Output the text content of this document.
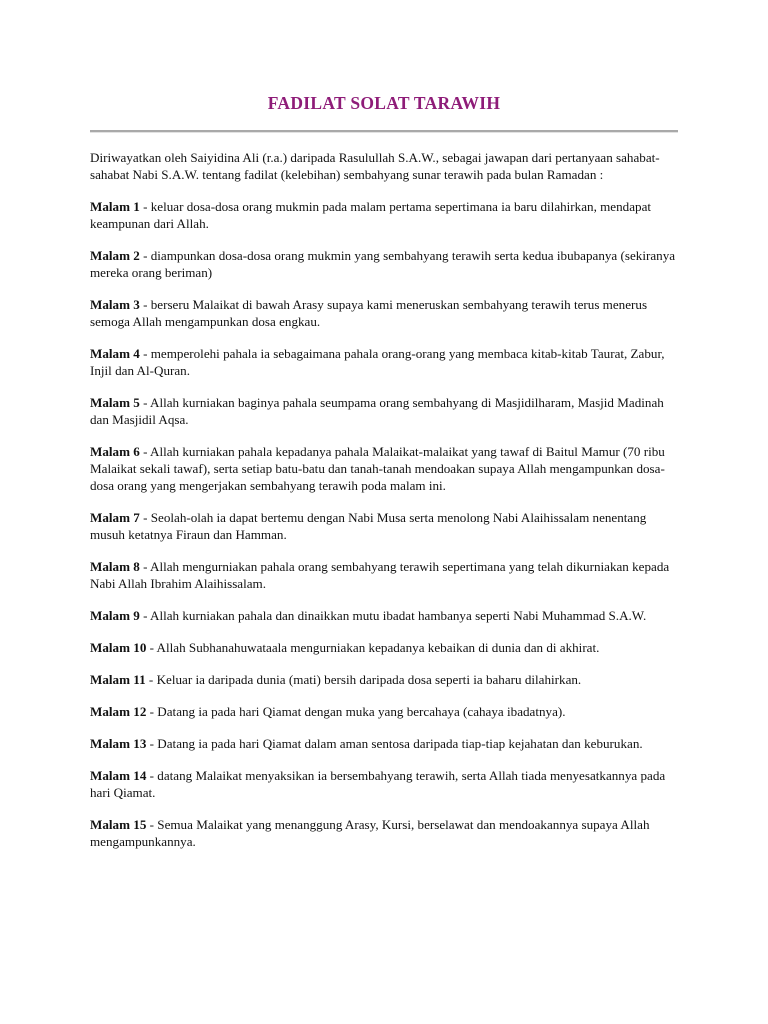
FADILAT SOLAT TARAWIH

Diriwayatkan oleh Saiyidina Ali (r.a.) daripada Rasulullah S.A.W., sebagai jawapan dari pertanyaan sahabat-sahabat Nabi S.A.W. tentang fadilat (kelebihan) sembahyang sunar terawih pada bulan Ramadan :

Malam 1 - keluar dosa-dosa orang mukmin pada malam pertama sepertimana ia baru dilahirkan, mendapat keampunan dari Allah.

Malam 2 - diampunkan dosa-dosa orang mukmin yang sembahyang terawih serta kedua ibubapanya (sekiranya mereka orang beriman)

Malam 3 - berseru Malaikat di bawah Arasy supaya kami meneruskan sembahyang terawih terus menerus semoga Allah mengampunkan dosa engkau.

Malam 4 - memperolehi pahala ia sebagaimana pahala orang-orang yang membaca kitab-kitab Taurat, Zabur, Injil dan Al-Quran.

Malam 5 - Allah kurniakan baginya pahala seumpama orang sembahyang di Masjidilharam, Masjid Madinah dan Masjidil Aqsa.

Malam 6 - Allah kurniakan pahala kepadanya pahala Malaikat-malaikat yang tawaf di Baitul Mamur (70 ribu Malaikat sekali tawaf), serta setiap batu-batu dan tanah-tanah mendoakan supaya Allah mengampunkan dosa-dosa orang yang mengerjakan sembahyang terawih poda malam ini.

Malam 7 - Seolah-olah ia dapat bertemu dengan Nabi Musa serta menolong Nabi Alaihissalam nenentang musuh ketatnya Firaun dan Hamman.

Malam 8 - Allah mengurniakan pahala orang sembahyang terawih sepertimana yang telah dikurniakan kepada Nabi Allah Ibrahim Alaihissalam.

Malam 9 - Allah kurniakan pahala dan dinaikkan mutu ibadat hambanya seperti Nabi Muhammad S.A.W.

Malam 10 - Allah Subhanahuwataala mengurniakan kepadanya kebaikan di dunia dan di akhirat.

Malam 11 - Keluar ia daripada dunia (mati) bersih daripada dosa seperti ia baharu dilahirkan.

Malam 12 - Datang ia pada hari Qiamat dengan muka yang bercahaya (cahaya ibadatnya).

Malam 13 - Datang ia pada hari Qiamat dalam aman sentosa daripada tiap-tiap kejahatan dan keburukan.

Malam 14 - datang Malaikat menyaksikan ia bersembahyang terawih, serta Allah tiada menyesatkannya pada hari Qiamat.

Malam 15 - Semua Malaikat yang menanggung Arasy, Kursi, berselawat dan mendoakannya supaya Allah mengampunkannya.
